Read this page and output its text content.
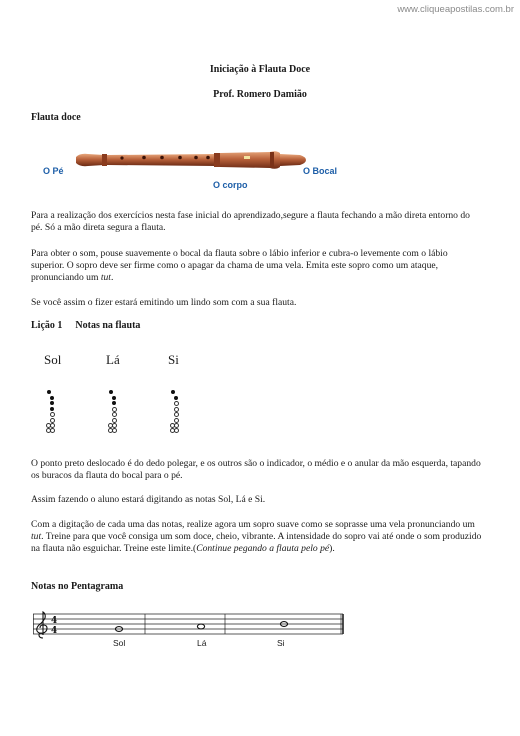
www.cliqueapostilas.com.br
Iniciação à Flauta Doce
Prof. Romero Damião
Flauta doce
O Pé
O corpo
O Bocal
Para a realização dos exercícios nesta fase inicial do aprendizado,segure a flauta fechando a mão direta entorno do pé. Só a mão direta segura a flauta.
Para obter o som, pouse suavemente o bocal da flauta sobre o lábio inferior e cubra-o levemente com o lábio superior. O sopro deve ser firme como o apagar da chama de uma vela. Emita este sopro como um ataque, pronunciando um tut.
Se você assim o fizer estará emitindo um lindo som com a sua flauta.
Lição 1 Notas na flauta
Sol	Lá	Si
O ponto preto deslocado é do dedo polegar, e os outros são o indicador, o médio e o anular da mão esquerda, tapando os buracos da flauta do bocal para o pé.
Assim fazendo o aluno estará digitando as notas Sol, Lá e Si.
Com a digitação de cada uma das notas, realize agora um sopro suave como se soprasse uma vela pronunciando um tut. Treine para que você consiga um som doce, cheio, vibrante. A intensidade do sopro vai até onde o som produzido na flauta não esguichar. Treine este limite.(Continue pegando a flauta pelo pé).
Notas no Pentagrama
4
4
Sol	Lá	Si
